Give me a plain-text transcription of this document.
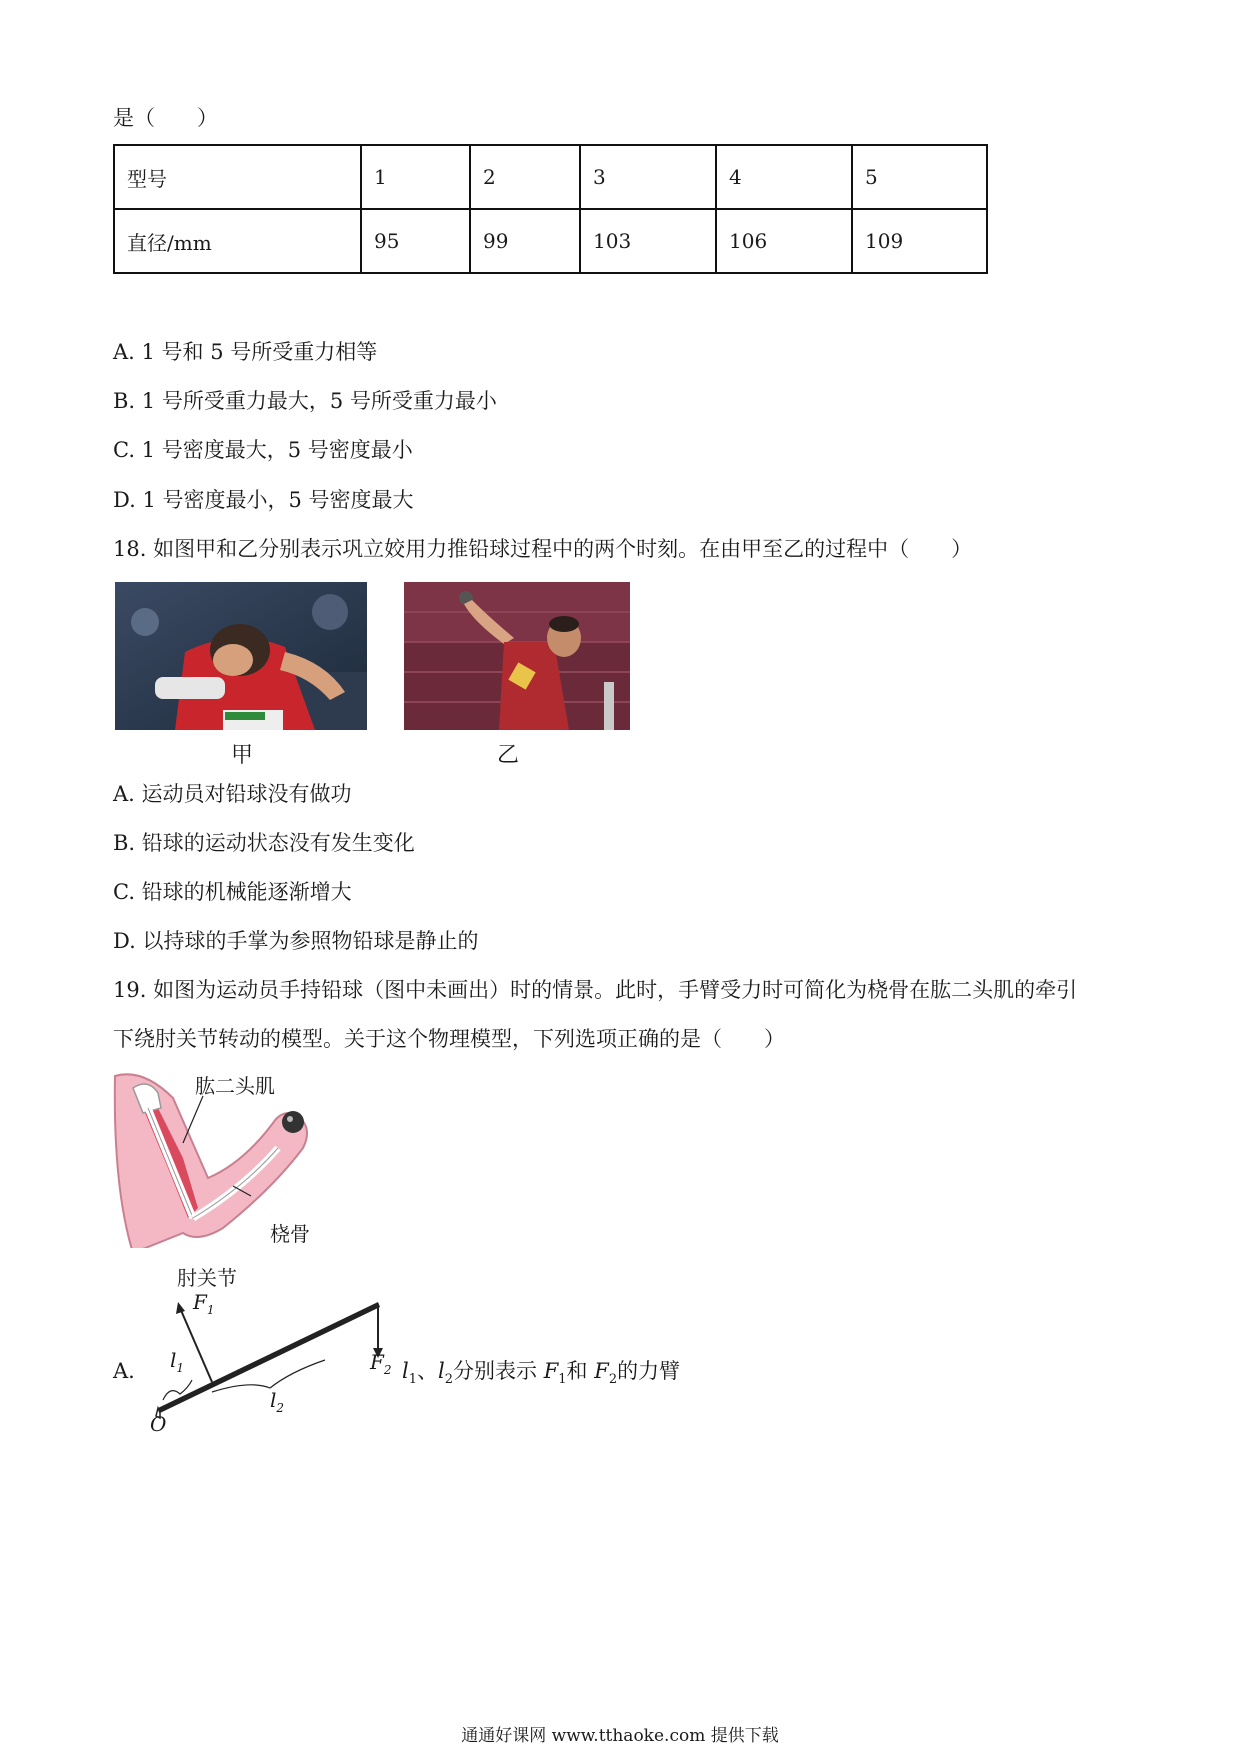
是（　　）
型号	1	2	3	4	5
直径/mm	95	99	103	106	109
A. 1 号和 5 号所受重力相等
B. 1 号所受重力最大，5 号所受重力最小
C. 1 号密度最大，5 号密度最小
D. 1 号密度最小，5 号密度最大
18. 如图甲和乙分别表示巩立姣用力推铅球过程中的两个时刻。在由甲至乙的过程中（　　）
甲	乙
A. 运动员对铅球没有做功
B. 铅球的运动状态没有发生变化
C. 铅球的机械能逐渐增大
D. 以持球的手掌为参照物铅球是静止的
19. 如图为运动员手持铅球（图中未画出）时的情景。此时，手臂受力时可简化为桡骨在肱二头肌的牵引
下绕肘关节转动的模型。关于这个物理模型，下列选项正确的是（　　）
肱二头肌
桡骨
肘关节
A.
$F_1$
$F_2$
$l_1$
$l_2$
O
$l_1$、$l_2$分别表示 $F_1$和 $F_2$的力臂
通通好课网 www.tthaoke.com 提供下载
